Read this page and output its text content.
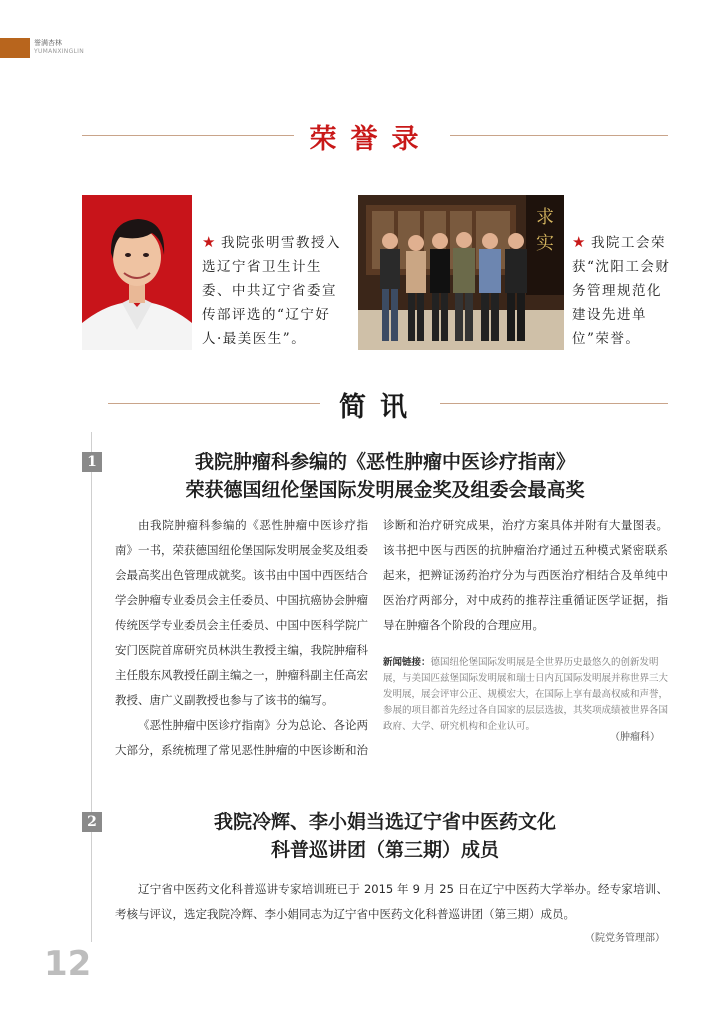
誉满杏林
YUMANXINGLIN
荣誉录
★ 我院张明雪教授入选辽宁省卫生计生委、中共辽宁省委宣传部评选的“辽宁好人·最美医生”。
求实	★ 我院工会荣获“沈阳工会财务管理规范化建设先进单位”荣誉。
简讯
1	我院肿瘤科参编的《恶性肿瘤中医诊疗指南》
荣获德国纽伦堡国际发明展金奖及组委会最高奖

由我院肿瘤科参编的《恶性肿瘤中医诊疗指南》一书，荣获德国纽伦堡国际发明展金奖及组委会最高奖出色管理成就奖。该书由中国中西医结合学会肿瘤专业委员会主任委员、中国抗癌协会肿瘤传统医学专业委员会主任委员、中国中医科学院广安门医院首席研究员林洪生教授主编，我院肿瘤科主任殷东风教授任副主编之一，肿瘤科副主任高宏教授、唐广义副教授也参与了该书的编写。

《恶性肿瘤中医诊疗指南》分为总论、各论两大部分，系统梳理了常见恶性肿瘤的中医诊断和治

诊断和治疗研究成果，治疗方案具体并附有大量图表。该书把中医与西医的抗肿瘤治疗通过五种模式紧密联系起来，把辨证汤药治疗分为与西医治疗相结合及单纯中医治疗两部分，对中成药的推荐注重循证医学证据，指导在肿瘤各个阶段的合理应用。

新闻链接：德国纽伦堡国际发明展是全世界历史最悠久的创新发明展，与美国匹兹堡国际发明展和瑞士日内瓦国际发明展并称世界三大发明展，展会评审公正、规模宏大，在国际上享有最高权威和声誉，参展的项目都首先经过各自国家的层层选拔，其奖项成绩被世界各国政府、大学、研究机构和企业认可。
（肿瘤科）
2	我院冷辉、李小娟当选辽宁省中医药文化
科普巡讲团（第三期）成员

辽宁省中医药文化科普巡讲专家培训班已于 2015 年 9 月 25 日在辽宁中医药大学举办。经专家培训、考核与评议，选定我院冷辉、李小娟同志为辽宁省中医药文化科普巡讲团（第三期）成员。

（院党务管理部）
12
